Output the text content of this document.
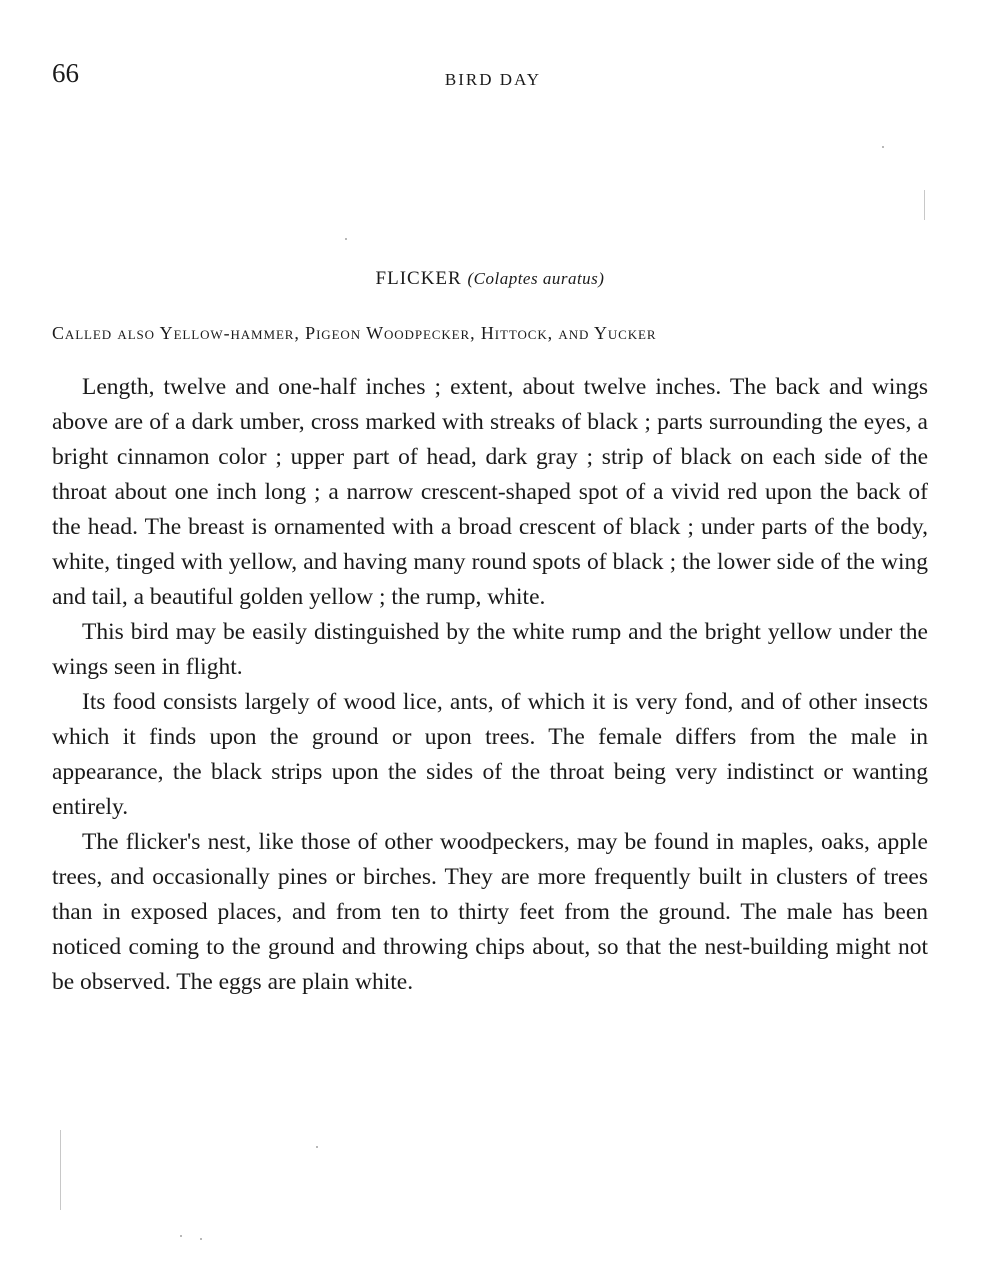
66	BIRD DAY
FLICKER (Colaptes auratus)
Called also Yellow-hammer, Pigeon Woodpecker, Hittock, and Yucker

Length, twelve and one-half inches ; extent, about twelve inches. The back and wings above are of a dark umber, cross marked with streaks of black ; parts surrounding the eyes, a bright cinnamon color ; upper part of head, dark gray ; strip of black on each side of the throat about one inch long ; a narrow crescent-shaped spot of a vivid red upon the back of the head. The breast is ornamented with a broad crescent of black ; under parts of the body, white, tinged with yellow, and having many round spots of black ; the lower side of the wing and tail, a beautiful golden yellow ; the rump, white.

This bird may be easily distinguished by the white rump and the bright yellow under the wings seen in flight.

Its food consists largely of wood lice, ants, of which it is very fond, and of other insects which it finds upon the ground or upon trees. The female differs from the male in appearance, the black strips upon the sides of the throat being very indistinct or wanting entirely.

The flicker's nest, like those of other woodpeckers, may be found in maples, oaks, apple trees, and occasionally pines or birches. They are more frequently built in clusters of trees than in exposed places, and from ten to thirty feet from the ground. The male has been noticed coming to the ground and throwing chips about, so that the nest-building might not be observed. The eggs are plain white.
